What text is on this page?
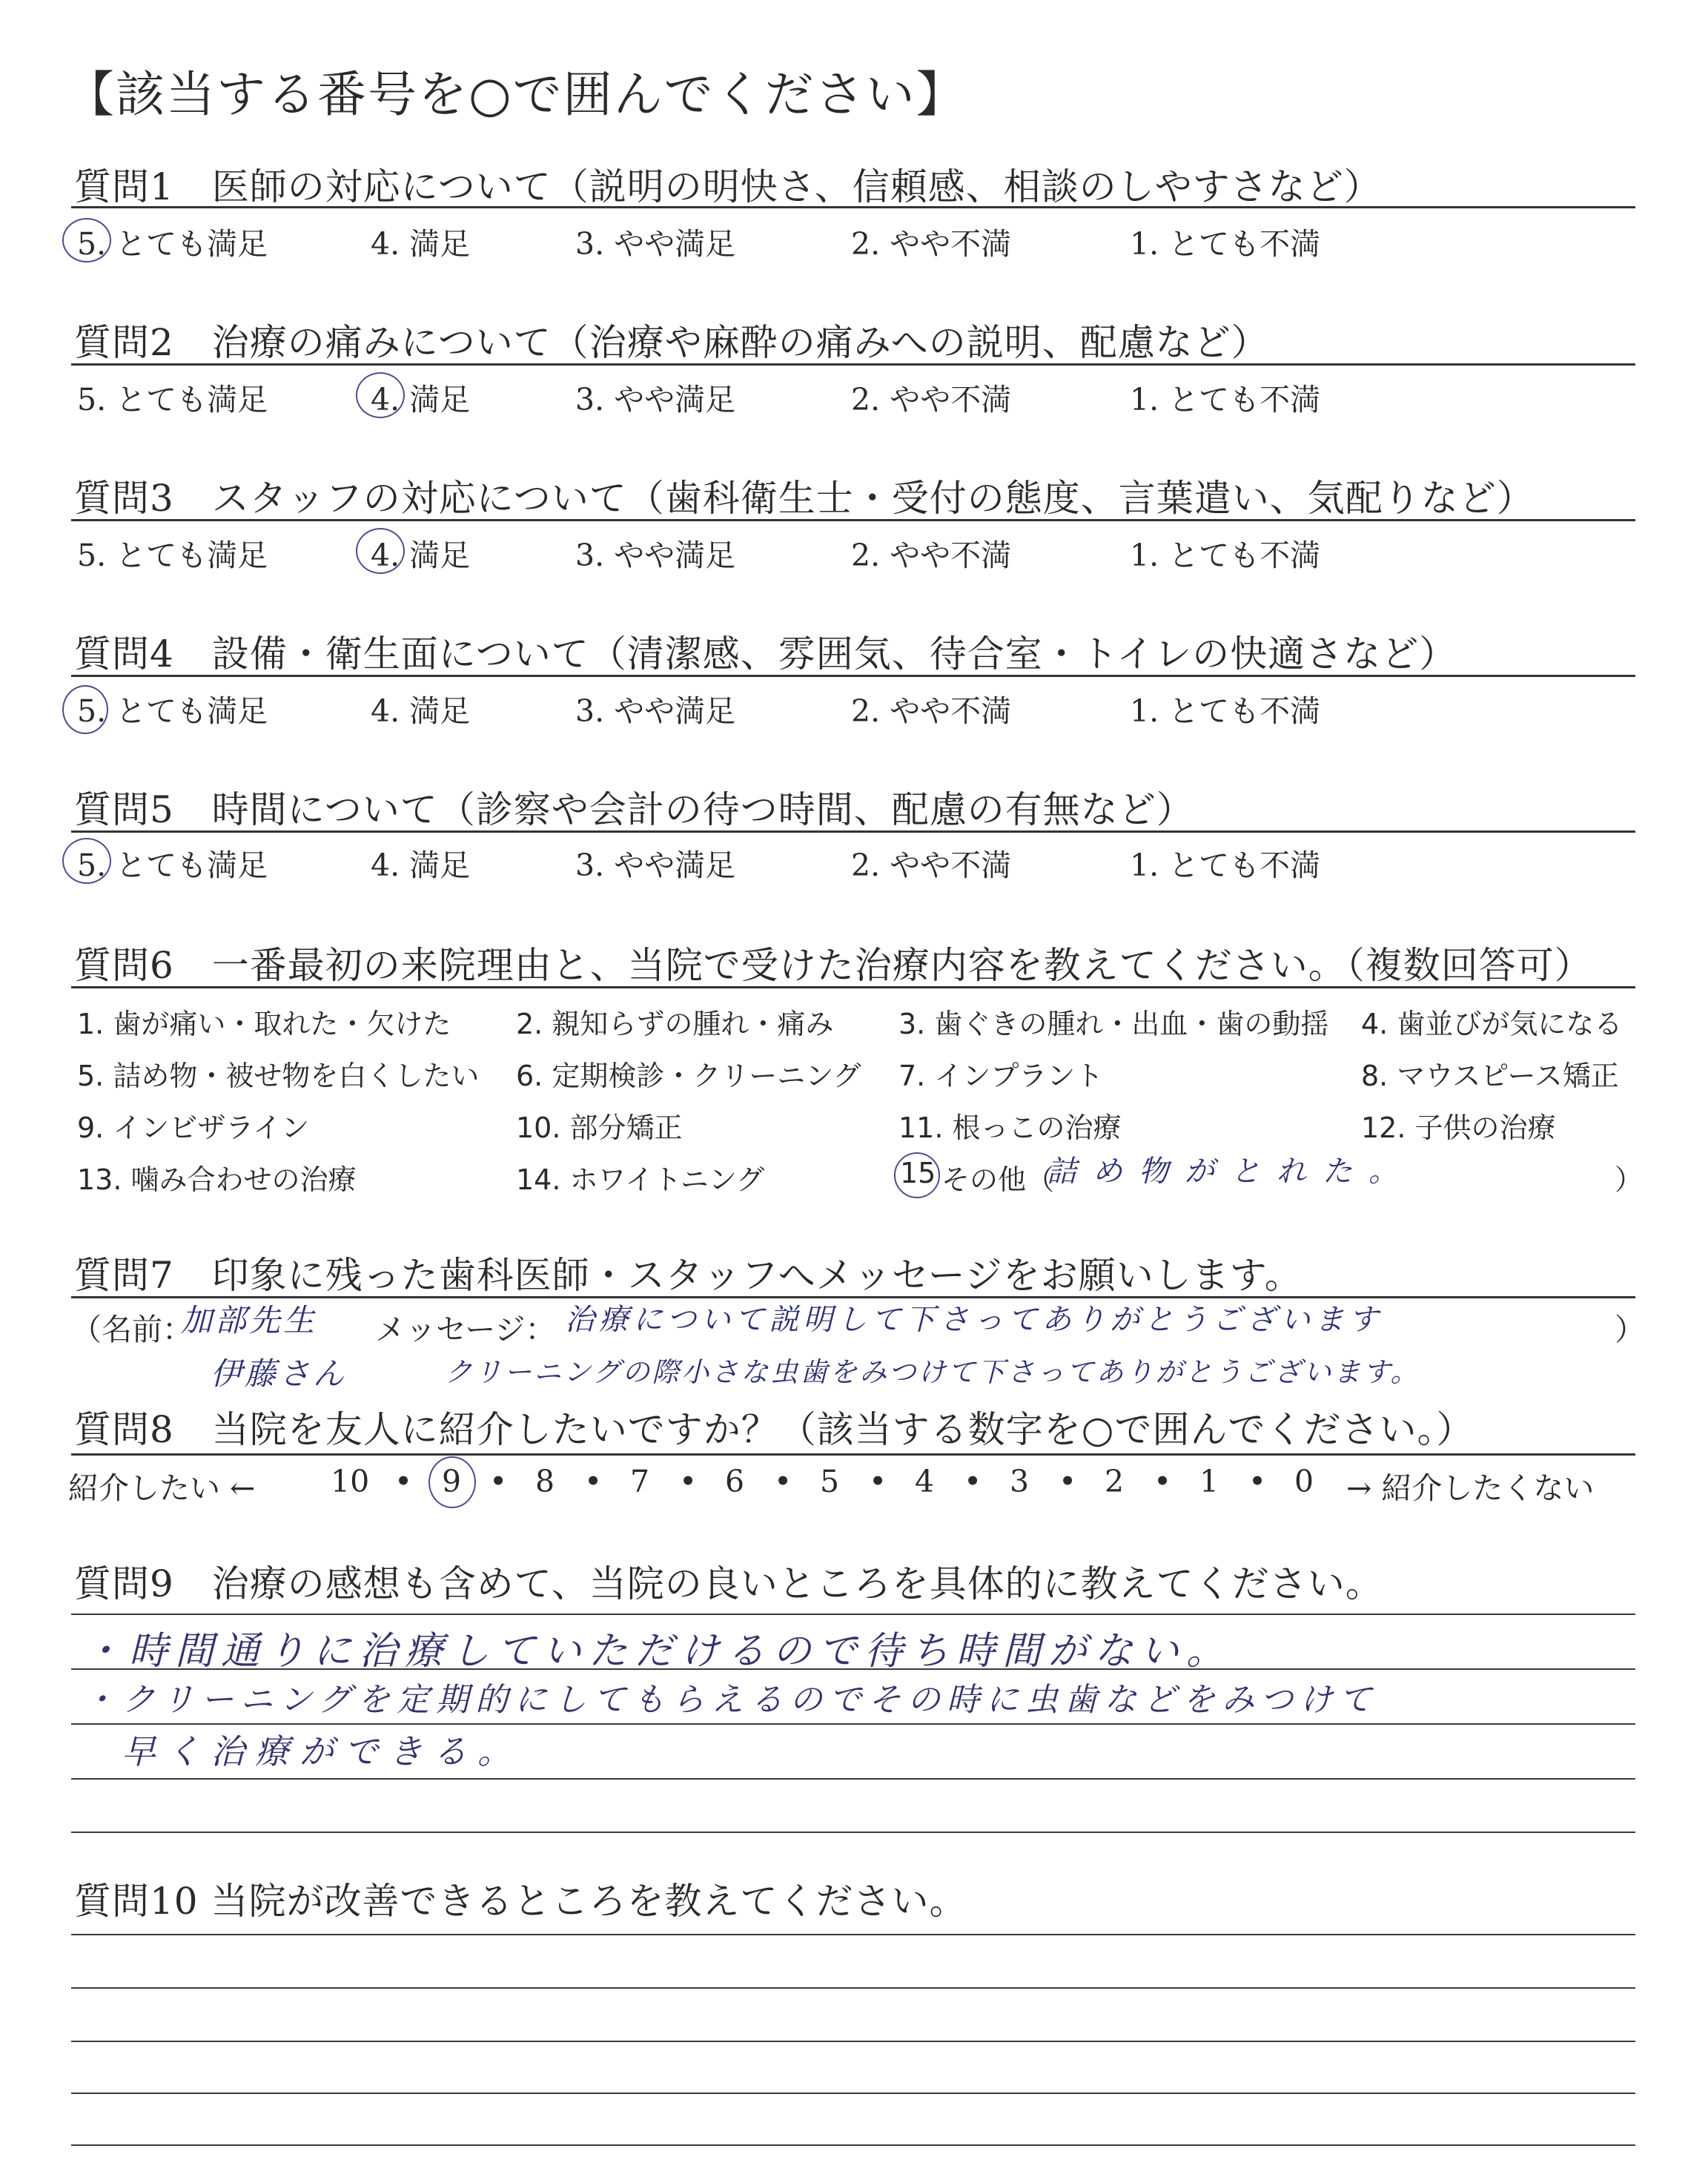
【該当する番号を○で囲んでください】
質問1　医師の対応について（説明の明快さ、信頼感、相談のしやすさなど）
5. とても満足	4. 満足	3. やや満足	2. やや不満	1. とても不満
質問2　治療の痛みについて（治療や麻酔の痛みへの説明、配慮など）
5. とても満足	4. 満足	3. やや満足	2. やや不満	1. とても不満
質問3　スタッフの対応について（歯科衛生士・受付の態度、言葉遣い、気配りなど）
5. とても満足	4. 満足	3. やや満足	2. やや不満	1. とても不満
質問4　設備・衛生面について（清潔感、雰囲気、待合室・トイレの快適さなど）
5. とても満足	4. 満足	3. やや満足	2. やや不満	1. とても不満
質問5　時間について（診察や会計の待つ時間、配慮の有無など）
5. とても満足	4. 満足	3. やや満足	2. やや不満	1. とても不満
質問6　一番最初の来院理由と、当院で受けた治療内容を教えてください。（複数回答可）
1. 歯が痛い・取れた・欠けた 2. 親知らずの腫れ・痛み 3. 歯ぐきの腫れ・出血・歯の動揺 4. 歯並びが気になる
5. 詰め物・被せ物を白くしたい 6. 定期検診・クリーニング 7. インプラント	8. マウスピース矯正
9. インビザライン	10. 部分矯正	11. 根っこの治療	12. 子供の治療
13. 噛み合わせの治療	14. ホワイトニング	15 その他（
詰め物がとれた。	）
質問7　印象に残った歯科医師・スタッフへメッセージをお願いします。
（名前：
加部先生 メッセージ： 治療について説明して下さってありがとうございます	）
伊藤さん	クリーニングの際小さな虫歯をみつけて下さってありがとうございます。
質問8　当院を友人に紹介したいですか？（該当する数字を○で囲んでください。）
紹介したい ← 10 • 9 • 8 • 7 • 6 • 5 • 4 • 3 • 2 • 1 • 0 → 紹介したくない
質問9　治療の感想も含めて、当院の良いところを具体的に教えてください。
・時間通りに治療していただけるので待ち時間がない。
・クリーニングを定期的にしてもらえるのでその時に虫歯などをみつけて
早く治療ができる。
質問10 当院が改善できるところを教えてください。
